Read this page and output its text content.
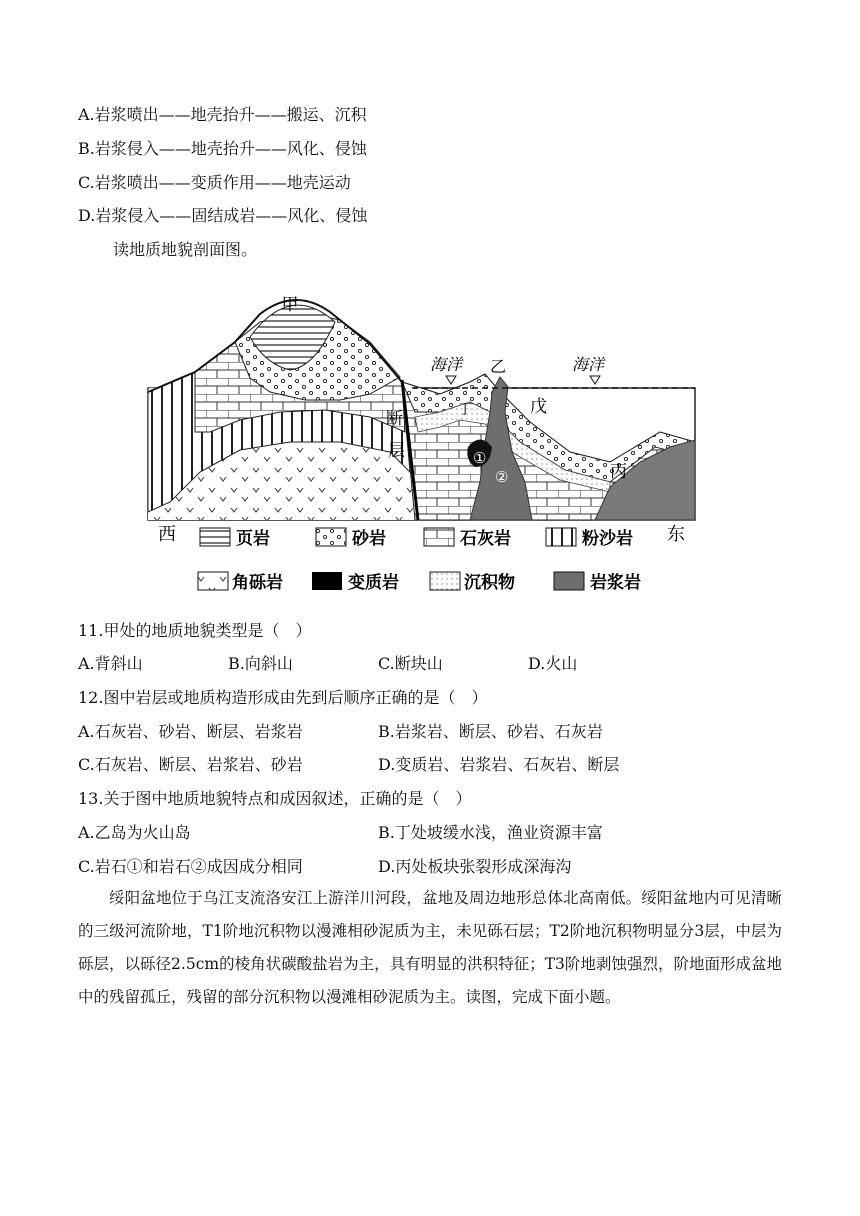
A.岩浆喷出——地壳抬升——搬运、沉积
B.岩浆侵入——地壳抬升——风化、侵蚀
C.岩浆喷出——变质作用——地壳运动
D.岩浆侵入——固结成岩——风化、侵蚀
读地质地貌剖面图。
甲
海洋 乙	海洋
戊
丁
丙
断
层	①
②
西	东
页岩	砂岩	石灰岩	粉沙岩
角砾岩	变质岩	沉积物	岩浆岩
11.甲处的地质地貌类型是（　）
A.背斜山	B.向斜山	C.断块山	D.火山
12.图中岩层或地质构造形成由先到后顺序正确的是（　）
A.石灰岩、砂岩、断层、岩浆岩	B.岩浆岩、断层、砂岩、石灰岩
C.石灰岩、断层、岩浆岩、砂岩	D.变质岩、岩浆岩、石灰岩、断层
13.关于图中地质地貌特点和成因叙述，正确的是（　）
A.乙岛为火山岛	B.丁处坡缓水浅，渔业资源丰富
C.岩石①和岩石②成因成分相同	D.丙处板块张裂形成深海沟
绥阳盆地位于乌江支流洛安江上游洋川河段，盆地及周边地形总体北高南低。绥阳盆地内可见清晰的三级河流阶地，T1阶地沉积物以漫滩相砂泥质为主，未见砾石层；T2阶地沉积物明显分3层，中层为砾层，以砾径2.5cm的棱角状碳酸盐岩为主，具有明显的洪积特征；T3阶地剥蚀强烈，阶地面形成盆地中的残留孤丘，残留的部分沉积物以漫滩相砂泥质为主。读图，完成下面小题。
